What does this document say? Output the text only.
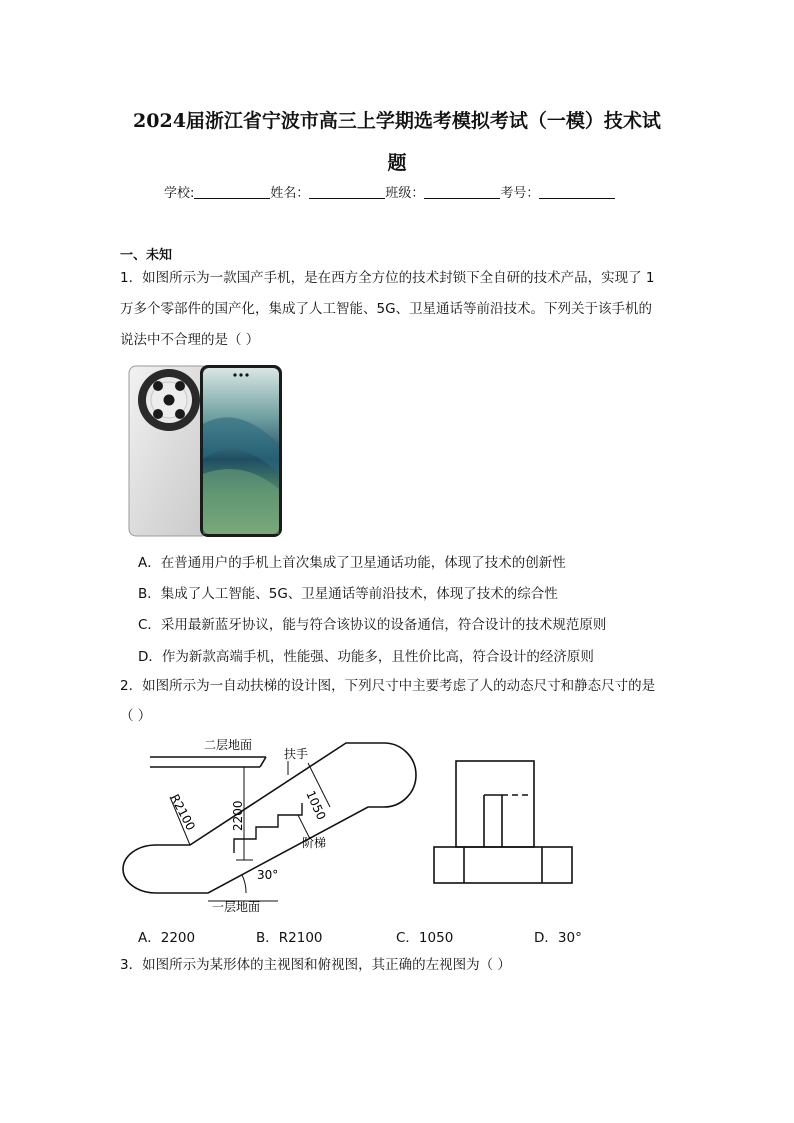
2024届浙江省宁波市高三上学期选考模拟考试（一模）技术试
题
学校:	姓名：	班级：	考号：
一、未知
1．如图所示为一款国产手机，是在西方全方位的技术封锁下全自研的技术产品，实现了 1
万多个零部件的国产化，集成了人工智能、5G、卫星通话等前沿技术。下列关于该手机的
说法中不合理的是（ ）
A．在普通用户的手机上首次集成了卫星通话功能，体现了技术的创新性
B．集成了人工智能、5G、卫星通话等前沿技术，体现了技术的综合性
C．采用最新蓝牙协议，能与符合该协议的设备通信，符合设计的技术规范原则
D．作为新款高端手机，性能强、功能多，且性价比高，符合设计的经济原则
2．如图所示为一自动扶梯的设计图，下列尺寸中主要考虑了人的动态尺寸和静态尺寸的是
（ ）
二层地面
扶手
1050
R2100	2200
阶梯
30°
一层地面
A．2200	B．R2100	C．1050	D．30°
3．如图所示为某形体的主视图和俯视图，其正确的左视图为（ ）
